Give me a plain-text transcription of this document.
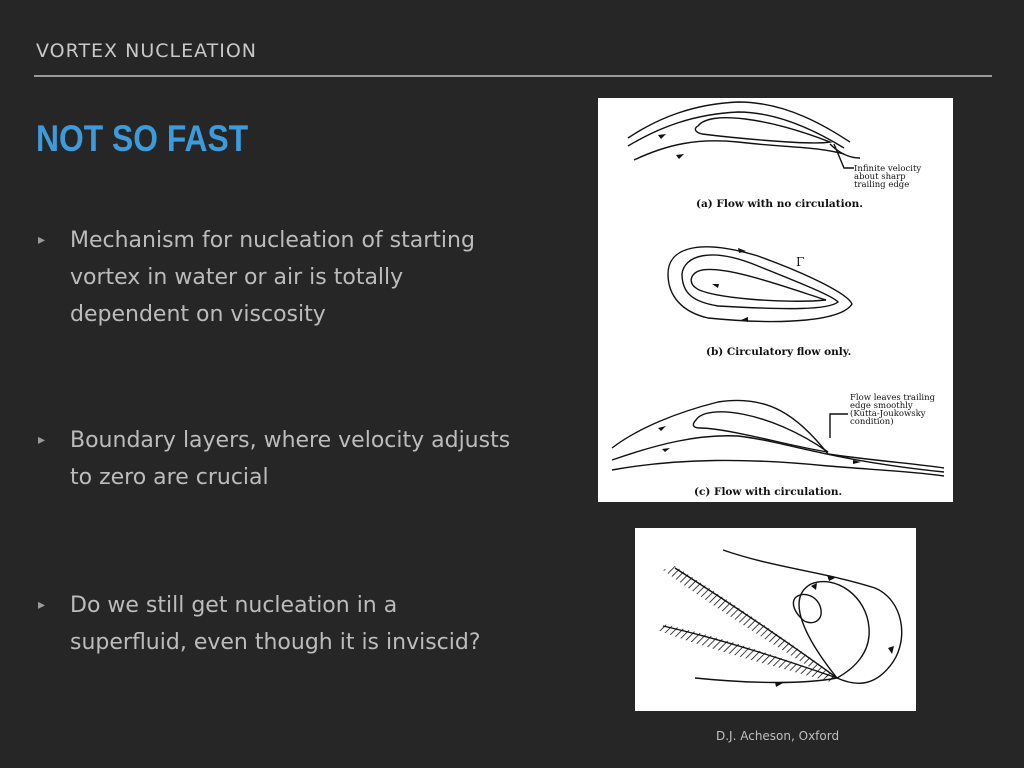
VORTEX NUCLEATION
NOT SO FAST
▸ Mechanism for nucleation of starting vortex in water or air is totally dependent on viscosity
▸ Boundary layers, where velocity adjusts to zero are crucial
▸ Do we still get nucleation in a superfluid, even though it is inviscid?
Infinite velocity
about sharp
trailing edge
(a) Flow with no circulation.
Γ
(b) Circulatory flow only.
Flow leaves trailing
edge smoothly
(Kutta-Joukowsky
condition)
(c) Flow with circulation.
D.J. Acheson, Oxford
